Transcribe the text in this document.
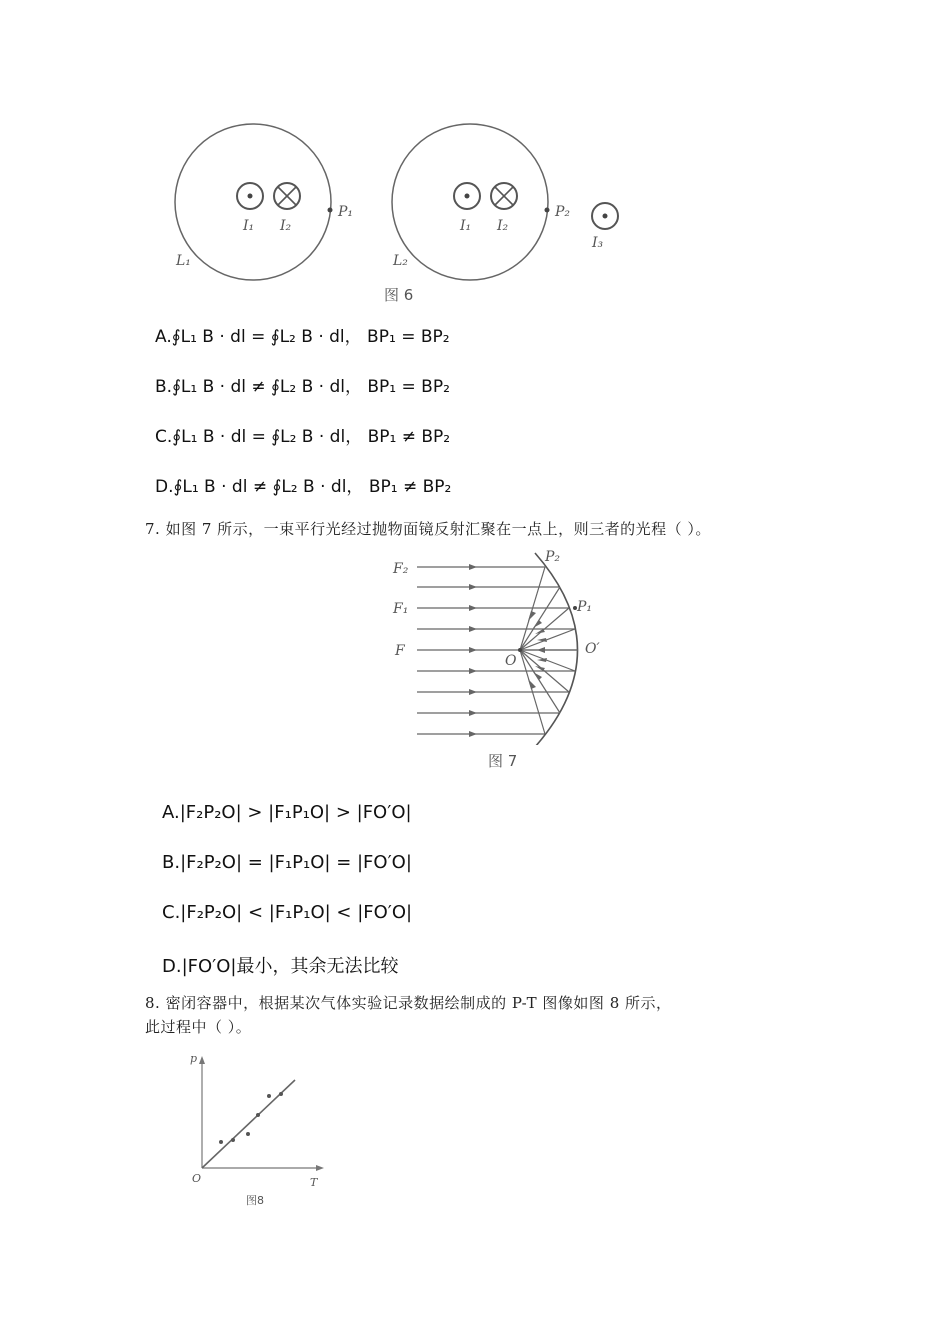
I₁ I₂
P₁
L₁
I₁ I₂
P₂
I₃
L₂
图 6
A.∮L₁ B · dl = ∮L₂ B · dl， BP₁ = BP₂
B.∮L₁ B · dl ≠ ∮L₂ B · dl， BP₁ = BP₂
C.∮L₁ B · dl = ∮L₂ B · dl， BP₁ ≠ BP₂
D.∮L₁ B · dl ≠ ∮L₂ B · dl， BP₁ ≠ BP₂
7. 如图 7 所示，一束平行光经过抛物面镜反射汇聚在一点上，则三者的光程（ ）。
F₂
F₁
F
P₂
P₁
O
O′
图 7
A.|F₂P₂O| > |F₁P₁O| > |FO′O|
B.|F₂P₂O| = |F₁P₁O| = |FO′O|
C.|F₂P₂O| < |F₁P₁O| < |FO′O|
D.|FO′O|最小，其余无法比较
8. 密闭容器中，根据某次气体实验记录数据绘制成的 P-T 图像如图 8 所示，
此过程中（ ）。
p
T
O
图8
